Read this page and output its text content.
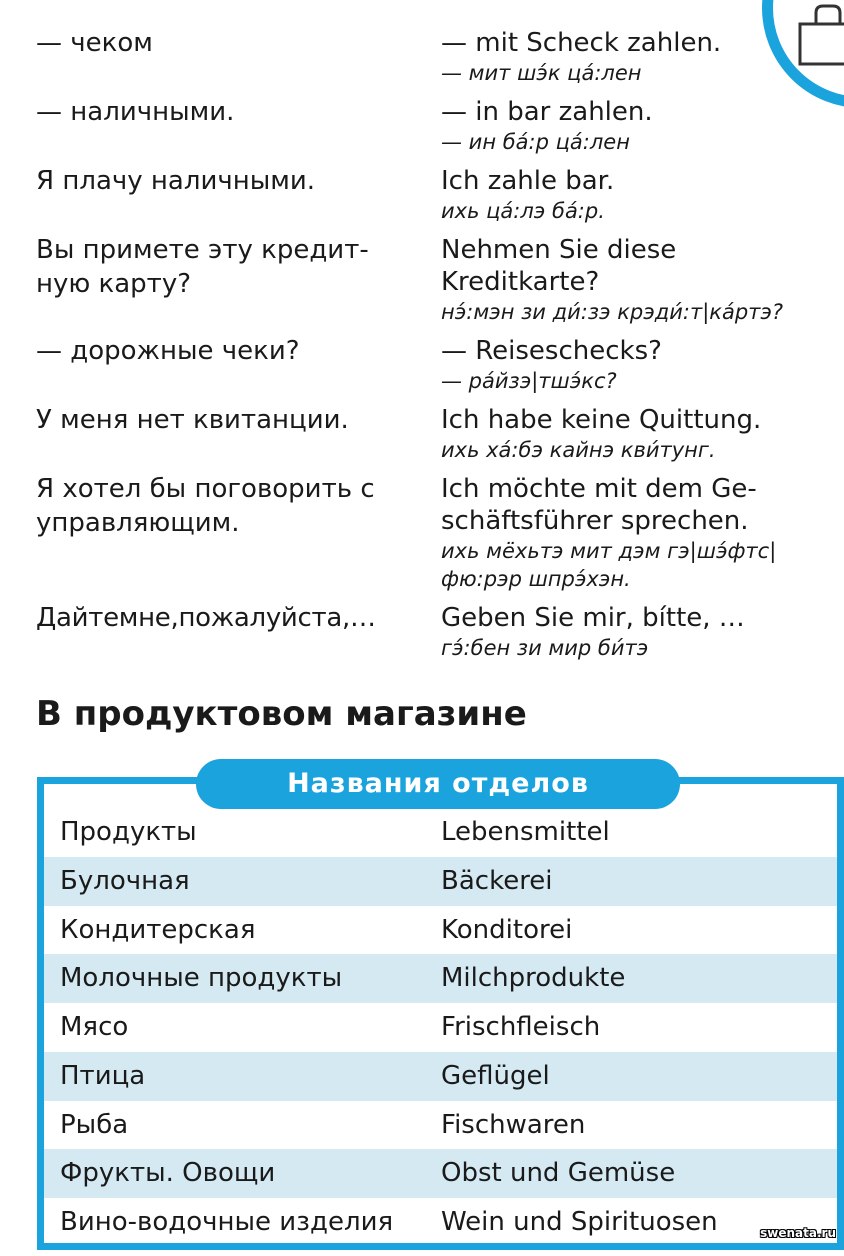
— чеком	— mit Scheck zahlen.
— мит шэ́к ца́:лен
— наличными.	— in bar zahlen.
— ин ба́:р ца́:лен
Я плачу наличными.	Ich zahle bar.
ихь ца́:лэ ба́:р.
Вы примете эту кредит-ную карту?
Nehmen Sie diese Kreditkarte?
нэ́:мэн зи ди́:зэ крэди́:т|ка́ртэ?
— дорожные чеки?	— Reiseschecks?
— ра́йзэ|тшэ́кс?
У меня нет квитанции.	Ich habe keine Quittung.
ихь ха́:бэ кайнэ кви́тунг.
Я хотел бы поговорить с управляющим.
Ich möchte mit dem Ge-schäftsführer sprechen.
ихь мёхьтэ мит дэм гэ|шэ́фтс|фю:рэр шпрэ́хэн.
Дайтемне,пожалуйста,…	Geben Sie mir, bítte, …
гэ́:бен зи мир би́тэ
В продуктовом магазине
Продукты	Lebensmittel
Булочная	Bäckerei
Кондитерская	Konditorei
Молочные продукты	Milchprodukte
Мясо	Frischfleisch
Птица	Geflügel
Рыба	Fischwaren
Фрукты. Овощи	Obst und Gemüse
Вино-водочные изделия Wein und Spirituosen
Названия отделов
swenata.ru
